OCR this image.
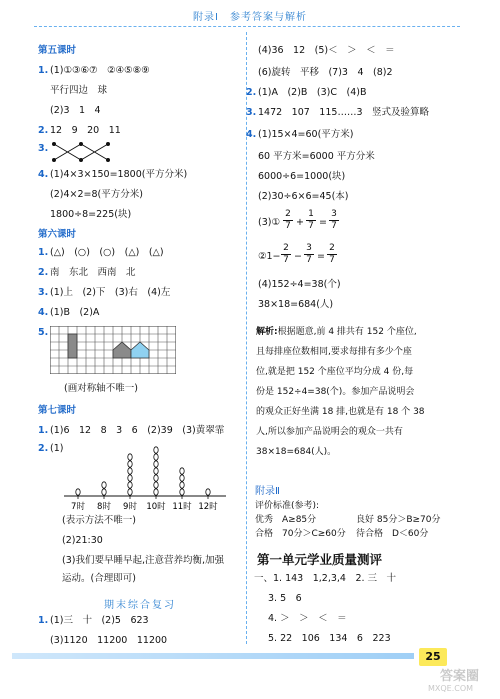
附录Ⅰ　参考答案与解析
第五课时
1. (1)①③⑥⑦　②④⑤⑧⑨
平行四边　球
(2)3　1　4
2. 12　9　20　11
3.
4. (1)4×3×150=1800(平方分米)
(2)4×2=8(平方分米)
1800÷8=225(块)
第六课时
1. (△)　(○)　(○)　(△)　(△)
2. 南　东北　西南　北
3. (1)上　(2)下　(3)右　(4)左
4. (1)B　(2)A
5.
(画对称轴不唯一)
第七课时
1. (1)6　12　8　3　6　(2)39　(3)黄翠霏
2. (1)
7时 8时 9时 10时 11时 12时
(表示方法不唯一)
(2)21:30
(3)我们要早睡早起,注意营养均衡,加强
运动。(合理即可)
期末综合复习
1. (1)三　十　(2)5　623
(3)1120　11200　11200
(4)36　12　(5)＜　＞　＜　＝
(6)旋转　平移　(7)3　4　(8)2
2. (1)A　(2)B　(3)C　(4)B
3. 1472　107　115……3　竖式及验算略
4. (1)15×4=60(平方米)
60 平方米=6000 平方分米
6000÷6=1000(块)
(2)30÷6×6=45(本)
(3)① $\frac{2}{7} + \frac{1}{7} = \frac{3}{7}$
②1− $\frac{2}{7} - \frac{3}{7} = \frac{2}{7}$
(4)152÷4=38(个)
38×18=684(人)
解析:根据题意,前 4 排共有 152 个座位,
且每排座位数相同,要求每排有多少个座
位,就是把 152 个座位平均分成 4 份,每
份是 152÷4=38(个)。参加产品说明会
的观众正好坐满 18 排,也就是有 18 个 38
人,所以参加产品说明会的观众一共有
38×18=684(人)。
附录Ⅱ
评价标准(参考):
优秀　A≥85分	良好 85分＞B≥70分
合格　70分＞C≥60分 待合格　D＜60分
第一单元学业质量测评
一、1. 143　1,2,3,4　2. 三　十
3. 5　6
4. ＞　＞　＜　＝
5. 22　106　134　6　223
25
答案圈
MXQE.COM
